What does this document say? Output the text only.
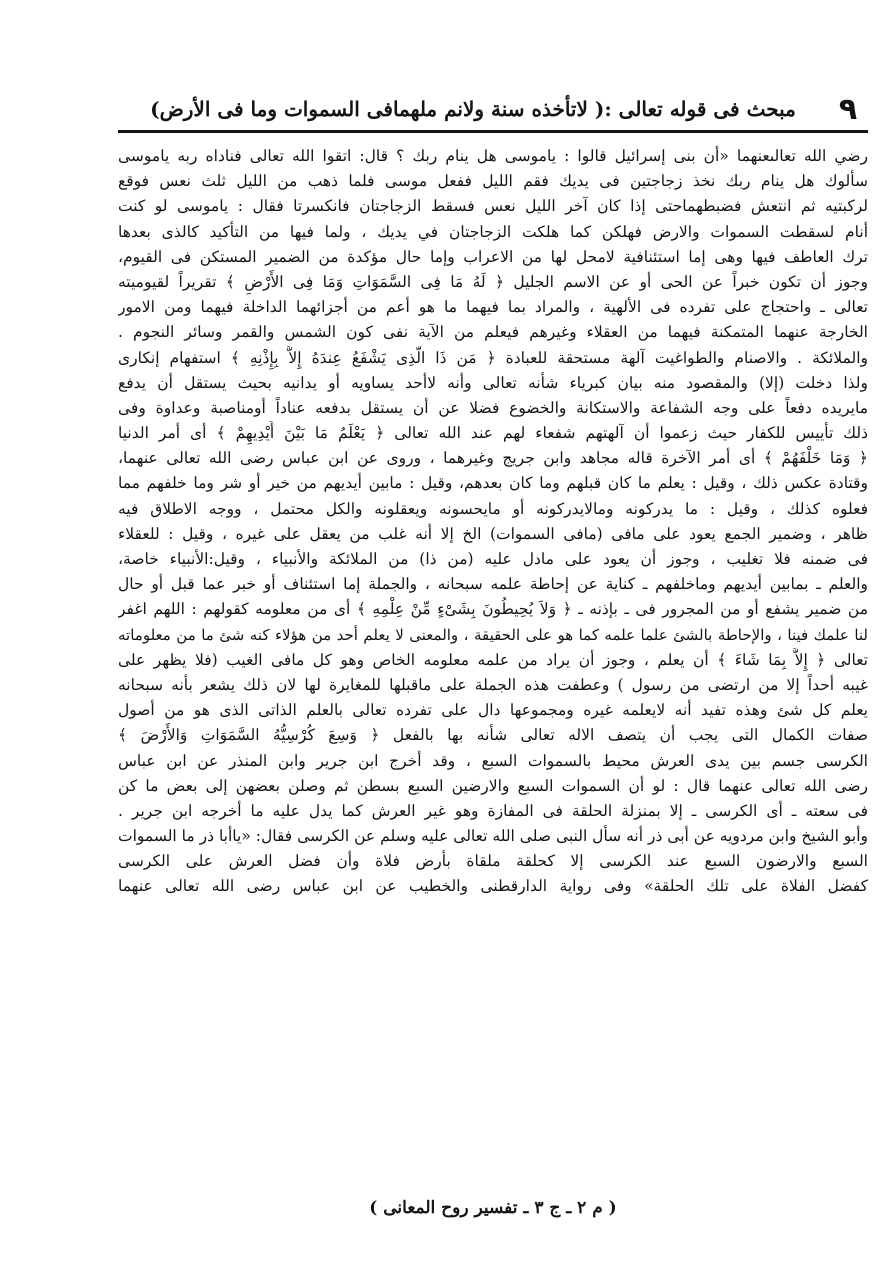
٩
مبحث فى قوله تعالى :( لاتأخذه سنة ولانم ملهمافى السموات وما فى الأرض)
رضي الله تعالىعنهما «أن بنى إسرائيل قالوا : ياموسى هل ينام ربك ؟ قال: اتقوا الله تعالى فناداه ربه ياموسى
سألوك هل ينام ربك نخذ زجاجتين فى يديك فقم الليل ففعل موسى فلما ذهب من الليل ثلث نعس فوقع
لركبتيه ثم انتعش فضبطهماحتى إذا كان آخر الليل نعس فسقط الزجاجتان فانكسرتا فقال : ياموسى لو كنت
أنام لسقطت السموات والارض فهلكن كما هلكت الزجاجتان في يديك ، ولما فيها من التأكيد كالذى بعدها
ترك العاطف فيها وهى إما استئنافية لامحل لها من الاعراب وإما حال مؤكدة من الضمير المستكن فى القيوم،
وجوز أن تكون خبراً عن الحى أو عن الاسم الجليل ﴿ لَهُ مَا فِى السَّمَوَاتِ وَمَا فِى الأَرْضِ ﴾ تقريراً لقيوميته
تعالى ـ واحتجاج على تفرده فى الألهية ، والمراد بما فيهما ما هو أعم من أجزائهما الداخلة فيهما ومن الامور
الخارجة عنهما المتمكنة فيهما من العقلاء وغيرهم فيعلم من الآية نفى كون الشمس والقمر وسائر النجوم .
والملائكة . والاصنام والطواغيت آلهة مستحقة للعبادة ﴿ مَن ذَا الَّذِى يَشْفَعُ عِندَهُ إِلاَّ بِإِذْنِهِ ﴾ استفهام إنكارى
ولذا دخلت (إلا) والمقصود منه بيان كبرياء شأنه تعالى وأنه لاأحد يساويه أو يدانيه بحيث يستقل أن يدفع
مايريده دفعاً على وجه الشفاعة والاستكانة والخضوع فضلا عن أن يستقل بدفعه عناداً أومناصبة وعداوة وفى
ذلك تأييس للكفار حيث زعموا أن آلهتهم شفعاء لهم عند الله تعالى ﴿ يَعْلَمُ مَا بَيْنَ أَيْدِيهِمْ ﴾ أى أمر الدنيا
﴿ وَمَا خَلْفَهُمْ ﴾ أى أمر الآخرة قاله مجاهد وابن جريج وغيرهما ، وروى عن ابن عباس رضى الله تعالى عنهما،
وقتادة عكس ذلك ، وقيل : يعلم ما كان قبلهم وما كان بعدهم، وقيل : مابين أيديهم من خير أو شر وما خلفهم مما
فعلوه كذلك ، وقيل : ما يدركونه ومالايدركونه أو مايحسونه ويعقلونه والكل محتمل ، ووجه الاطلاق فيه
ظاهر ، وضمير الجمع يعود على مافى (مافى السموات) الخ إلا أنه غلب من يعقل على غيره ، وقيل : للعقلاء
فى ضمنه فلا تغليب ، وجوز أن يعود على مادل عليه (من ذا) من الملائكة والأنبياء ، وقيل:الأنبياء خاصة،
والعلم ـ بمابين أيديهم وماخلفهم ـ كناية عن إحاطة علمه سبحانه ، والجملة إما استئناف أو خبر عما قبل أو حال
من ضمير يشفع أو من المجرور فى ـ بإذنه ـ ﴿ وَلاَ يُحِيطُونَ بِشَىْءٍ مِّنْ عِلْمِهِ ﴾ أى من معلومه كقولهم : اللهم اغفر
لنا علمك فينا ، والإحاطة بالشئ علما علمه كما هو على الحقيقة ، والمعنى لا يعلم أحد من هؤلاء كنه شئ ما من معلوماته
تعالى ﴿ إِلاَّ بِمَا شَاءَ ﴾ أن يعلم ، وجوز أن يراد من علمه معلومه الخاص وهو كل مافى الغيب (فلا يظهر على
غيبه أحداً إلا من ارتضى من رسول ) وعطفت هذه الجملة على ماقبلها للمغايرة لها لان ذلك يشعر بأنه سبحانه
يعلم كل شئ وهذه تفيد أنه لايعلمه غيره ومجموعها دال على تفرده تعالى بالعلم الذاتى الذى هو من أصول
صفات الكمال التى يجب أن يتصف الاله تعالى شأنه بها بالفعل ﴿ وَسِعَ كُرْسِيُّهُ السَّمَوَاتِ وَالأَرْضَ ﴾
الكرسى جسم بين يدى العرش محيط بالسموات السبع ، وقد أخرج ابن جرير وابن المنذر عن ابن عباس
رضى الله تعالى عنهما قال : لو أن السموات السبع والارضين السبع بسطن ثم وصلن بعضهن إلى بعض ما كن
فى سعته ـ أى الكرسى ـ إلا بمنزلة الحلقة فى المفازة وهو غير العرش كما يدل عليه ما أخرجه ابن جرير .
وأبو الشيخ وابن مردويه عن أبى ذر أنه سأل النبى صلى الله تعالى عليه وسلم عن الكرسى فقال: «ياأبا ذر ما السموات
السبع والارضون السبع عند الكرسى إلا كحلقة ملقاة بأرض فلاة وأن فضل العرش على الكرسى
كفضل الفلاة على تلك الحلقة» وفى رواية الدارقطنى والخطيب عن ابن عباس رضى الله تعالى عنهما
( م ٢ ـ ج ٣ ـ تفسير روح المعانى )
